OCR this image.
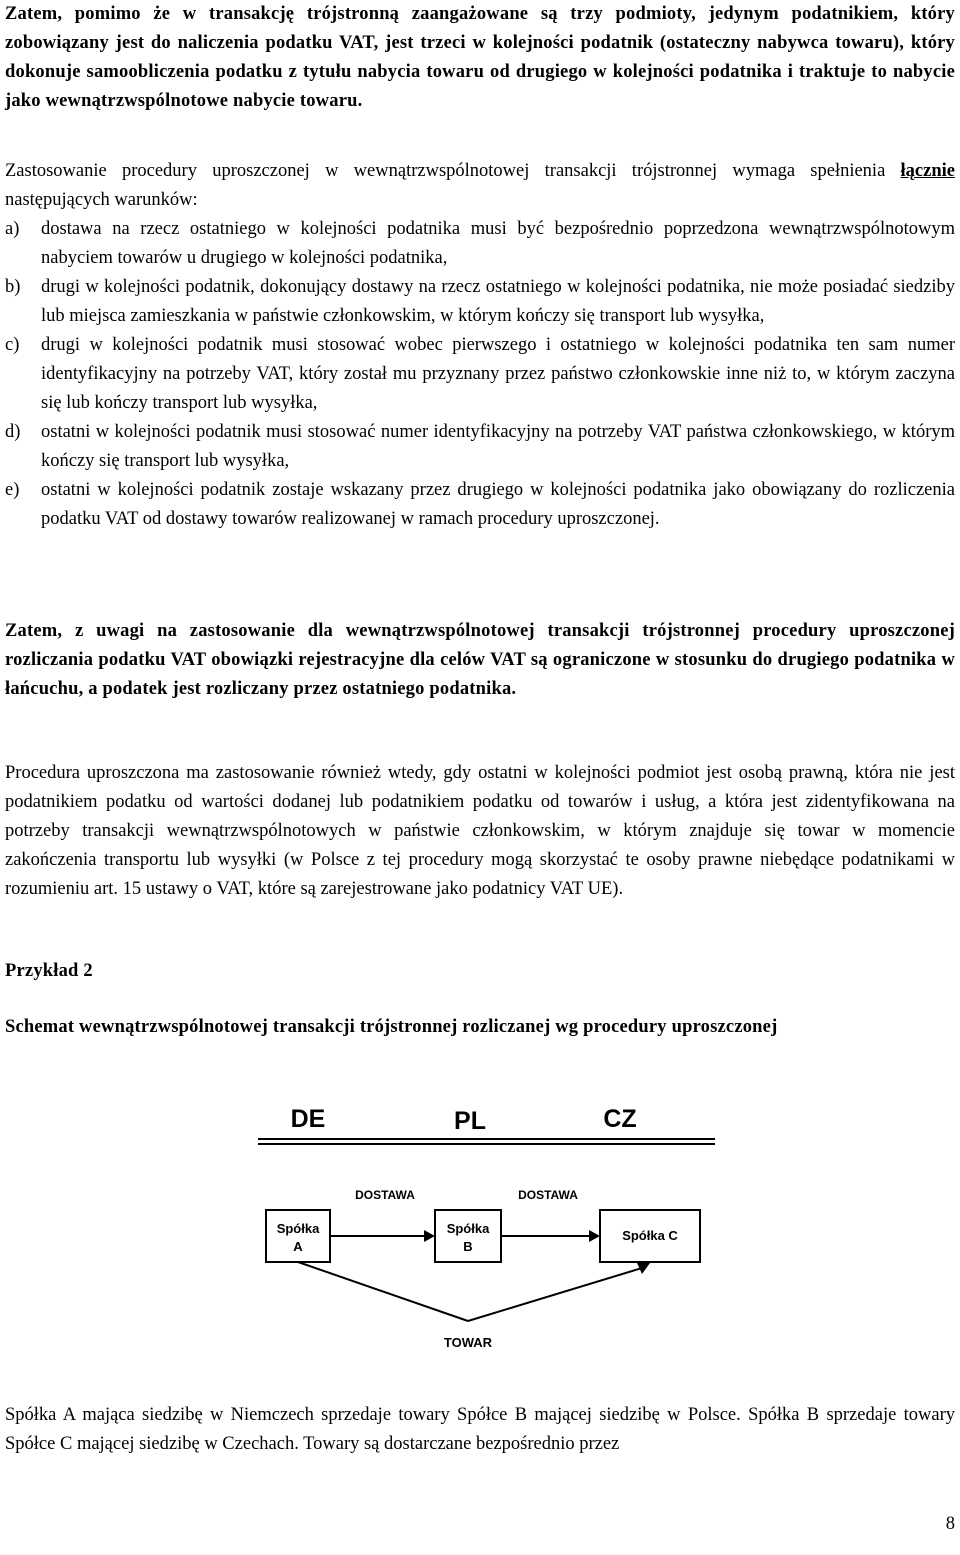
Zatem, pomimo że w transakcję trójstronną zaangażowane są trzy podmioty, jedynym podatnikiem, który zobowiązany jest do naliczenia podatku VAT, jest trzeci w kolejności podatnik (ostateczny nabywca towaru), który dokonuje samoobliczenia podatku z tytułu nabycia towaru od drugiego w kolejności podatnika i traktuje to nabycie jako wewnątrzwspólnotowe nabycie towaru.

Zastosowanie procedury uproszczonej w wewnątrzwspólnotowej transakcji trójstronnej wymaga spełnienia łącznie następujących warunków:

a)	dostawa na rzecz ostatniego w kolejności podatnika musi być bezpośrednio poprzedzona wewnątrzwspólnotowym nabyciem towarów u drugiego w kolejności podatnika,

b)	drugi w kolejności podatnik, dokonujący dostawy na rzecz ostatniego w kolejności podatnika, nie może posiadać siedziby lub miejsca zamieszkania w państwie członkowskim, w którym kończy się transport lub wysyłka,

c)	drugi w kolejności podatnik musi stosować wobec pierwszego i ostatniego w kolejności podatnika ten sam numer identyfikacyjny na potrzeby VAT, który został mu przyznany przez państwo członkowskie inne niż to, w którym zaczyna się lub kończy transport lub wysyłka,

d)	ostatni w kolejności podatnik musi stosować numer identyfikacyjny na potrzeby VAT państwa członkowskiego, w którym kończy się transport lub wysyłka,

e)	ostatni w kolejności podatnik zostaje wskazany przez drugiego w kolejności podatnika jako obowiązany do rozliczenia podatku VAT od dostawy towarów realizowanej w ramach procedury uproszczonej.

Zatem, z uwagi na zastosowanie dla wewnątrzwspólnotowej transakcji trójstronnej procedury uproszczonej rozliczania podatku VAT obowiązki rejestracyjne dla celów VAT są ograniczone w stosunku do drugiego podatnika w łańcuchu, a podatek jest rozliczany przez ostatniego podatnika.

Procedura uproszczona ma zastosowanie również wtedy, gdy ostatni w kolejności podmiot jest osobą prawną, która nie jest podatnikiem podatku od wartości dodanej lub podatnikiem podatku od towarów i usług, a która jest zidentyfikowana na potrzeby transakcji wewnątrzwspólnotowych w państwie członkowskim, w którym znajduje się towar w momencie zakończenia transportu lub wysyłki (w Polsce z tej procedury mogą skorzystać te osoby prawne niebędące podatnikami w rozumieniu art. 15 ustawy o VAT, które są zarejestrowane jako podatnicy VAT UE).

Przykład 2

Schemat wewnątrzwspólnotowej transakcji trójstronnej rozliczanej wg procedury uproszczonej

DE	PL	CZ
Spółka
A
Spółka
B
Spółka C
DOSTAWA	DOSTAWA
TOWAR

Spółka A mająca siedzibę w Niemczech sprzedaje towary Spółce B mającej siedzibę w Polsce. Spółka B sprzedaje towary Spółce C mającej siedzibę w Czechach. Towary są dostarczane bezpośrednio przez

8
